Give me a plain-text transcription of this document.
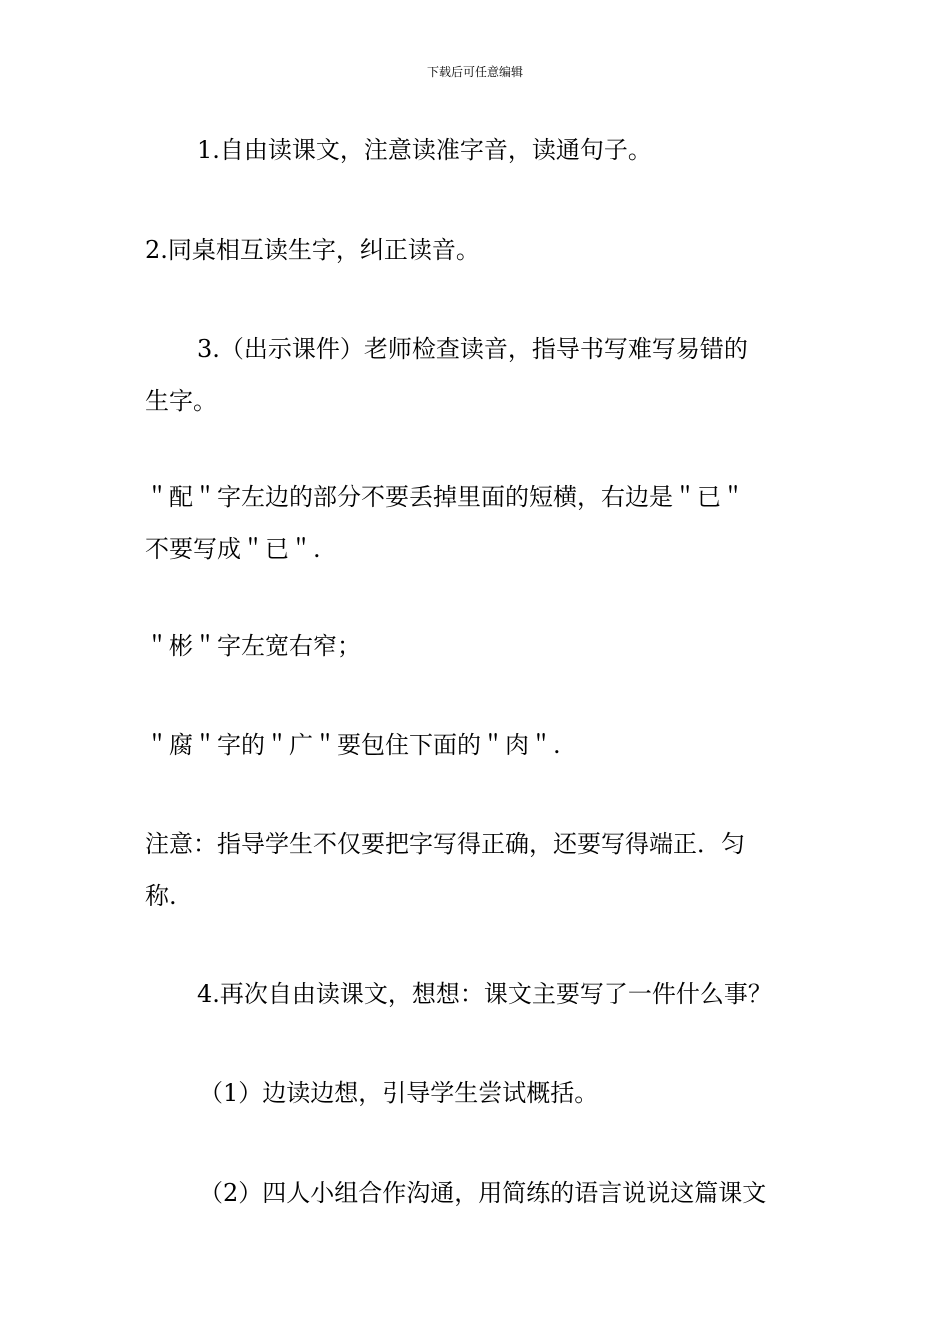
下载后可任意编辑
1.自由读课文，注意读准字音，读通句子。
2.同桌相互读生字，纠正读音。
3.（出示课件）老师检查读音，指导书写难写易错的
生字。
＂配＂字左边的部分不要丢掉里面的短横，右边是＂已＂
不要写成＂已＂.
＂彬＂字左宽右窄；
＂腐＂字的＂广＂要包住下面的＂肉＂.
注意：指导学生不仅要把字写得正确，还要写得端正．匀
称.
4.再次自由读课文，想想：课文主要写了一件什么事？
（1）边读边想，引导学生尝试概括。
（2）四人小组合作沟通，用简练的语言说说这篇课文
